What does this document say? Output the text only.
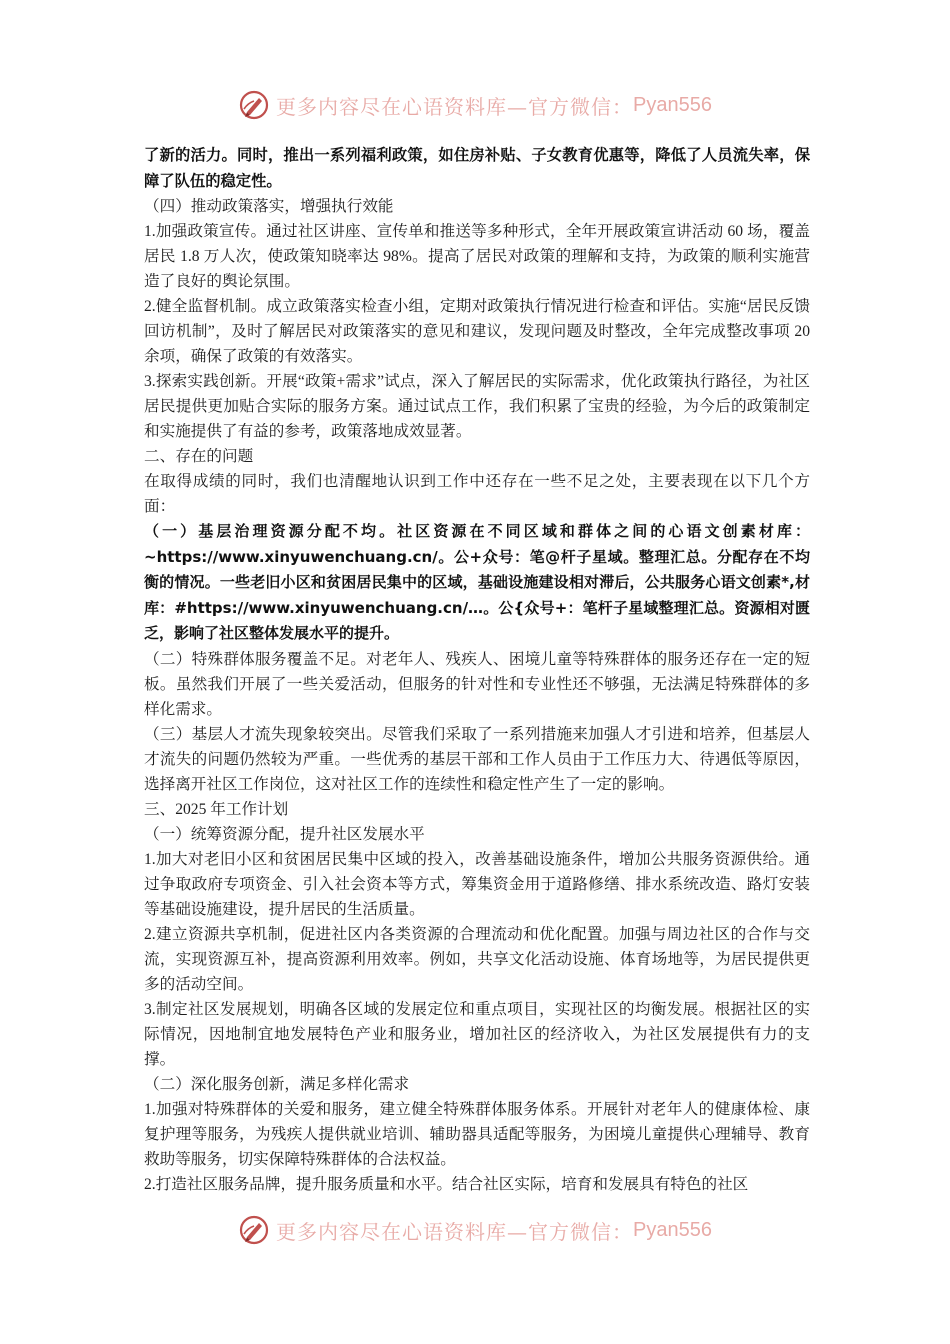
更多内容尽在心语资料库—官方微信： Pyan556

了新的活力。同时，推出一系列福利政策，如住房补贴、子女教育优惠等，降低了人员流失率，保障了队伍的稳定性。

（四）推动政策落实，增强执行效能

1.加强政策宣传。通过社区讲座、宣传单和推送等多种形式，全年开展政策宣讲活动 60 场，覆盖居民 1.8 万人次，使政策知晓率达 98%。提高了居民对政策的理解和支持，为政策的顺利实施营造了良好的舆论氛围。

2.健全监督机制。成立政策落实检查小组，定期对政策执行情况进行检查和评估。实施“居民反馈回访机制”，及时了解居民对政策落实的意见和建议，发现问题及时整改，全年完成整改事项 20 余项，确保了政策的有效落实。

3.探索实践创新。开展“政策+需求”试点，深入了解居民的实际需求，优化政策执行路径，为社区居民提供更加贴合实际的服务方案。通过试点工作，我们积累了宝贵的经验，为今后的政策制定和实施提供了有益的参考，政策落地成效显著。

二、存在的问题

在取得成绩的同时，我们也清醒地认识到工作中还存在一些不足之处，主要表现在以下几个方面：

（一）基层治理资源分配不均。社区资源在不同区域和群体之间的心语文创素材库：~https://www.xinyuwenchuang.cn/。公+众号：笔@杆子星域。整理汇总。分配存在不均衡的情况。一些老旧小区和贫困居民集中的区域，基础设施建设相对滞后，公共服务心语文创素*,材库：#https://www.xinyuwenchuang.cn/…。公{众号+：笔杆子星域整理汇总。资源相对匮乏，影响了社区整体发展水平的提升。

（二）特殊群体服务覆盖不足。对老年人、残疾人、困境儿童等特殊群体的服务还存在一定的短板。虽然我们开展了一些关爱活动，但服务的针对性和专业性还不够强，无法满足特殊群体的多样化需求。

（三）基层人才流失现象较突出。尽管我们采取了一系列措施来加强人才引进和培养，但基层人才流失的问题仍然较为严重。一些优秀的基层干部和工作人员由于工作压力大、待遇低等原因，选择离开社区工作岗位，这对社区工作的连续性和稳定性产生了一定的影响。

三、2025 年工作计划

（一）统筹资源分配，提升社区发展水平

1.加大对老旧小区和贫困居民集中区域的投入，改善基础设施条件，增加公共服务资源供给。通过争取政府专项资金、引入社会资本等方式，筹集资金用于道路修缮、排水系统改造、路灯安装等基础设施建设，提升居民的生活质量。

2.建立资源共享机制，促进社区内各类资源的合理流动和优化配置。加强与周边社区的合作与交流，实现资源互补，提高资源利用效率。例如，共享文化活动设施、体育场地等，为居民提供更多的活动空间。

3.制定社区发展规划，明确各区域的发展定位和重点项目，实现社区的均衡发展。根据社区的实际情况，因地制宜地发展特色产业和服务业，增加社区的经济收入，为社区发展提供有力的支撑。

（二）深化服务创新，满足多样化需求

1.加强对特殊群体的关爱和服务，建立健全特殊群体服务体系。开展针对老年人的健康体检、康复护理等服务，为残疾人提供就业培训、辅助器具适配等服务，为困境儿童提供心理辅导、教育救助等服务，切实保障特殊群体的合法权益。

2.打造社区服务品牌，提升服务质量和水平。结合社区实际，培育和发展具有特色的社区

更多内容尽在心语资料库—官方微信： Pyan556
